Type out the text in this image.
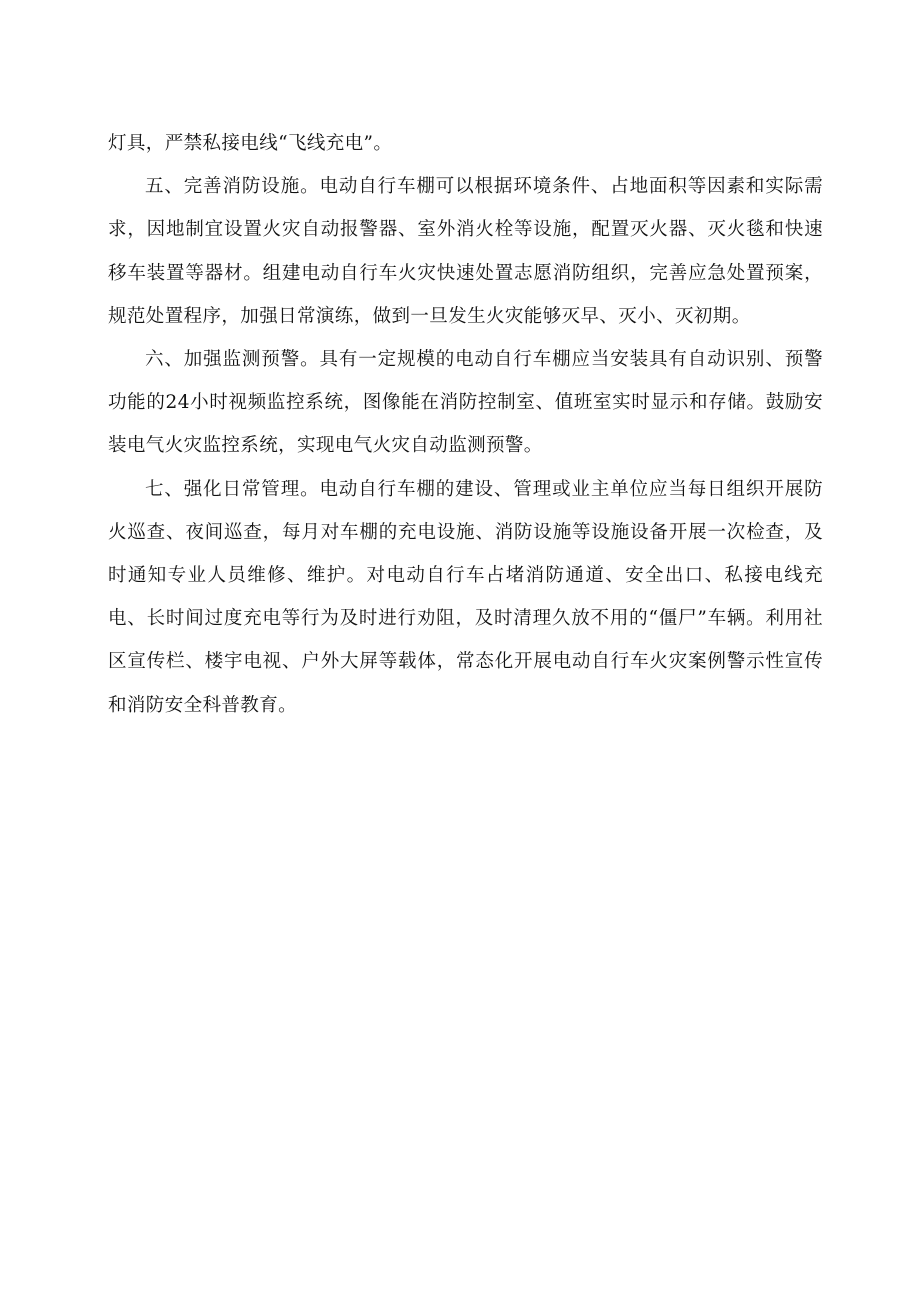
灯具，严禁私接电线“飞线充电”。

五、完善消防设施。电动自行车棚可以根据环境条件、占地面积等因素和实际需求，因地制宜设置火灾自动报警器、室外消火栓等设施，配置灭火器、灭火毯和快速移车装置等器材。组建电动自行车火灾快速处置志愿消防组织，完善应急处置预案，规范处置程序，加强日常演练，做到一旦发生火灾能够灭早、灭小、灭初期。

六、加强监测预警。具有一定规模的电动自行车棚应当安装具有自动识别、预警功能的24小时视频监控系统，图像能在消防控制室、值班室实时显示和存储。鼓励安装电气火灾监控系统，实现电气火灾自动监测预警。

七、强化日常管理。电动自行车棚的建设、管理或业主单位应当每日组织开展防火巡查、夜间巡查，每月对车棚的充电设施、消防设施等设施设备开展一次检查，及时通知专业人员维修、维护。对电动自行车占堵消防通道、安全出口、私接电线充电、长时间过度充电等行为及时进行劝阻，及时清理久放不用的“僵尸”车辆。利用社区宣传栏、楼宇电视、户外大屏等载体，常态化开展电动自行车火灾案例警示性宣传和消防安全科普教育。
